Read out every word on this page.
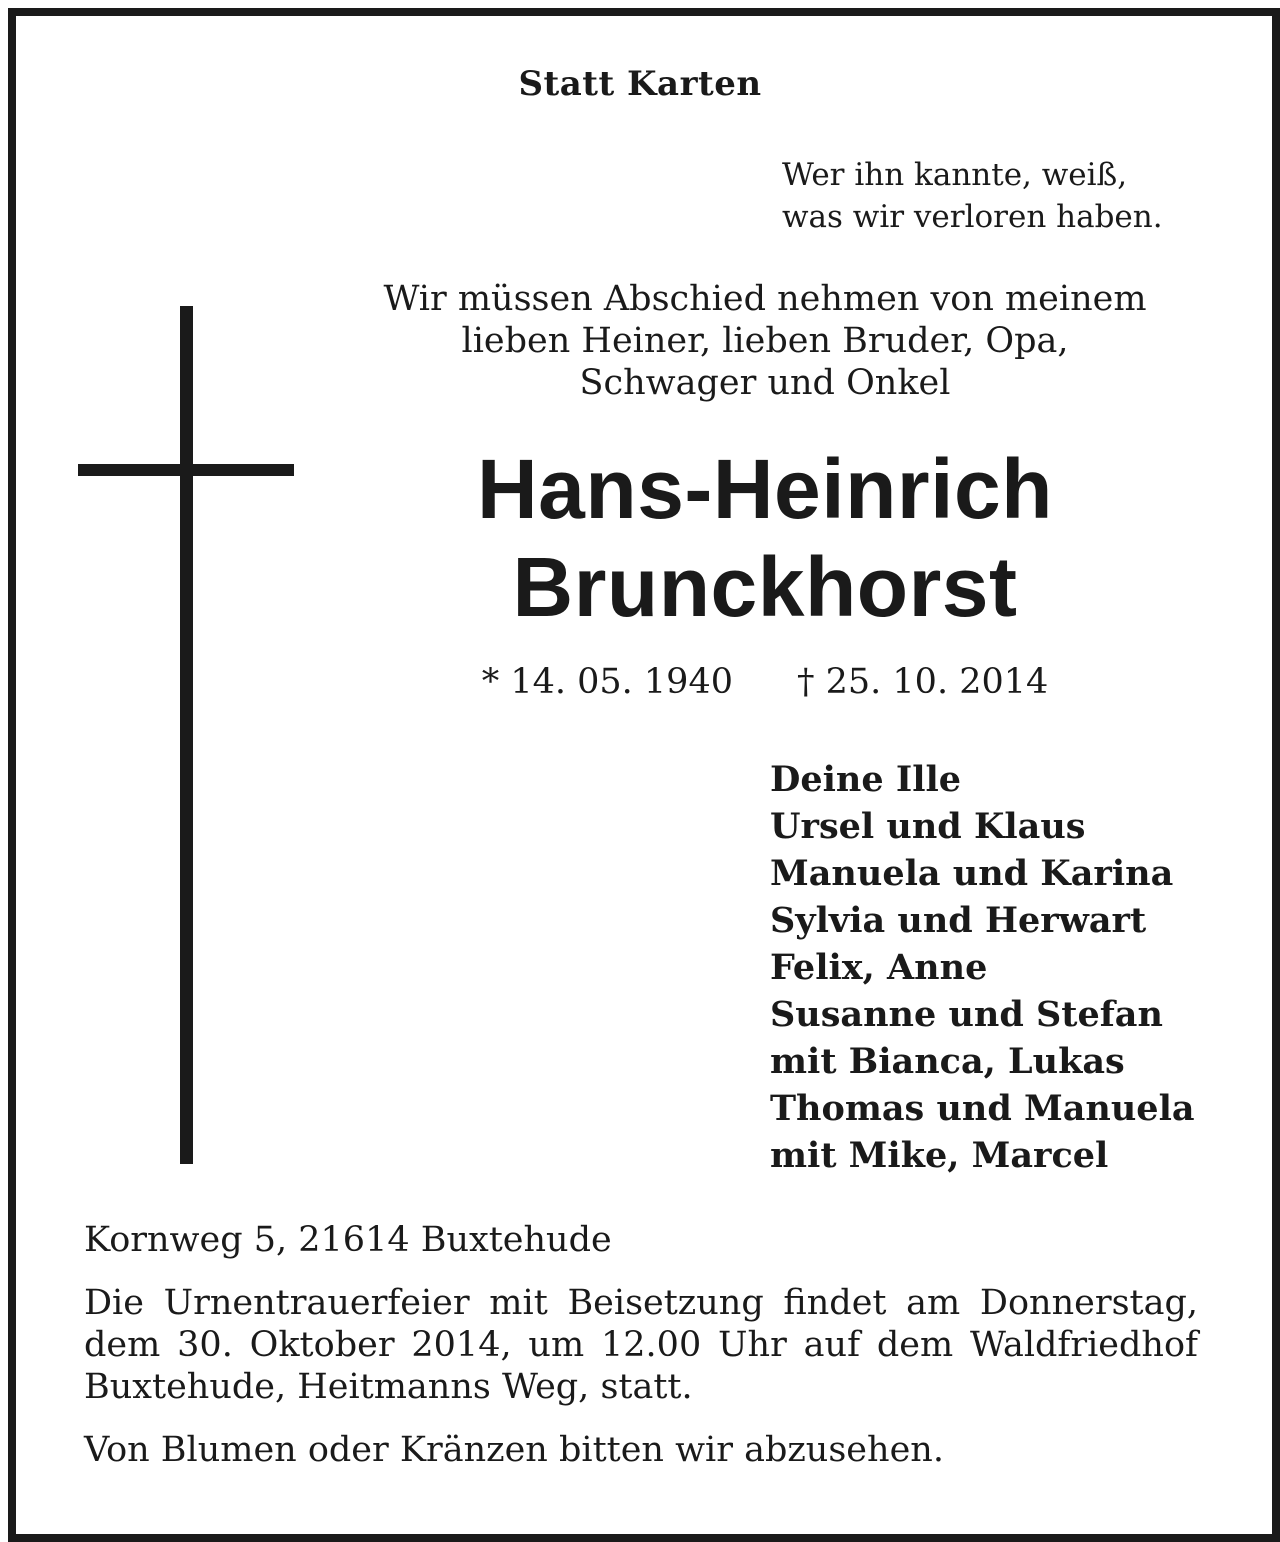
Statt Karten
Wer ihn kannte, weiß,
was wir verloren haben.
Wir müssen Abschied nehmen von meinem
lieben Heiner, lieben Bruder, Opa,
Schwager und Onkel
Hans-Heinrich
Brunckhorst
* 14. 05. 1940 † 25. 10. 2014
Deine Ille
Ursel und Klaus
Manuela und Karina
Sylvia und Herwart
Felix, Anne
Susanne und Stefan
mit Bianca, Lukas
Thomas und Manuela
mit Mike, Marcel
Kornweg 5, 21614 Buxtehude
Die Urnentrauerfeier mit Beisetzung findet am Donnerstag, dem 30. Oktober 2014, um 12.00 Uhr auf dem Waldfriedhof Buxtehude, Heitmanns Weg, statt.
Von Blumen oder Kränzen bitten wir abzusehen.
